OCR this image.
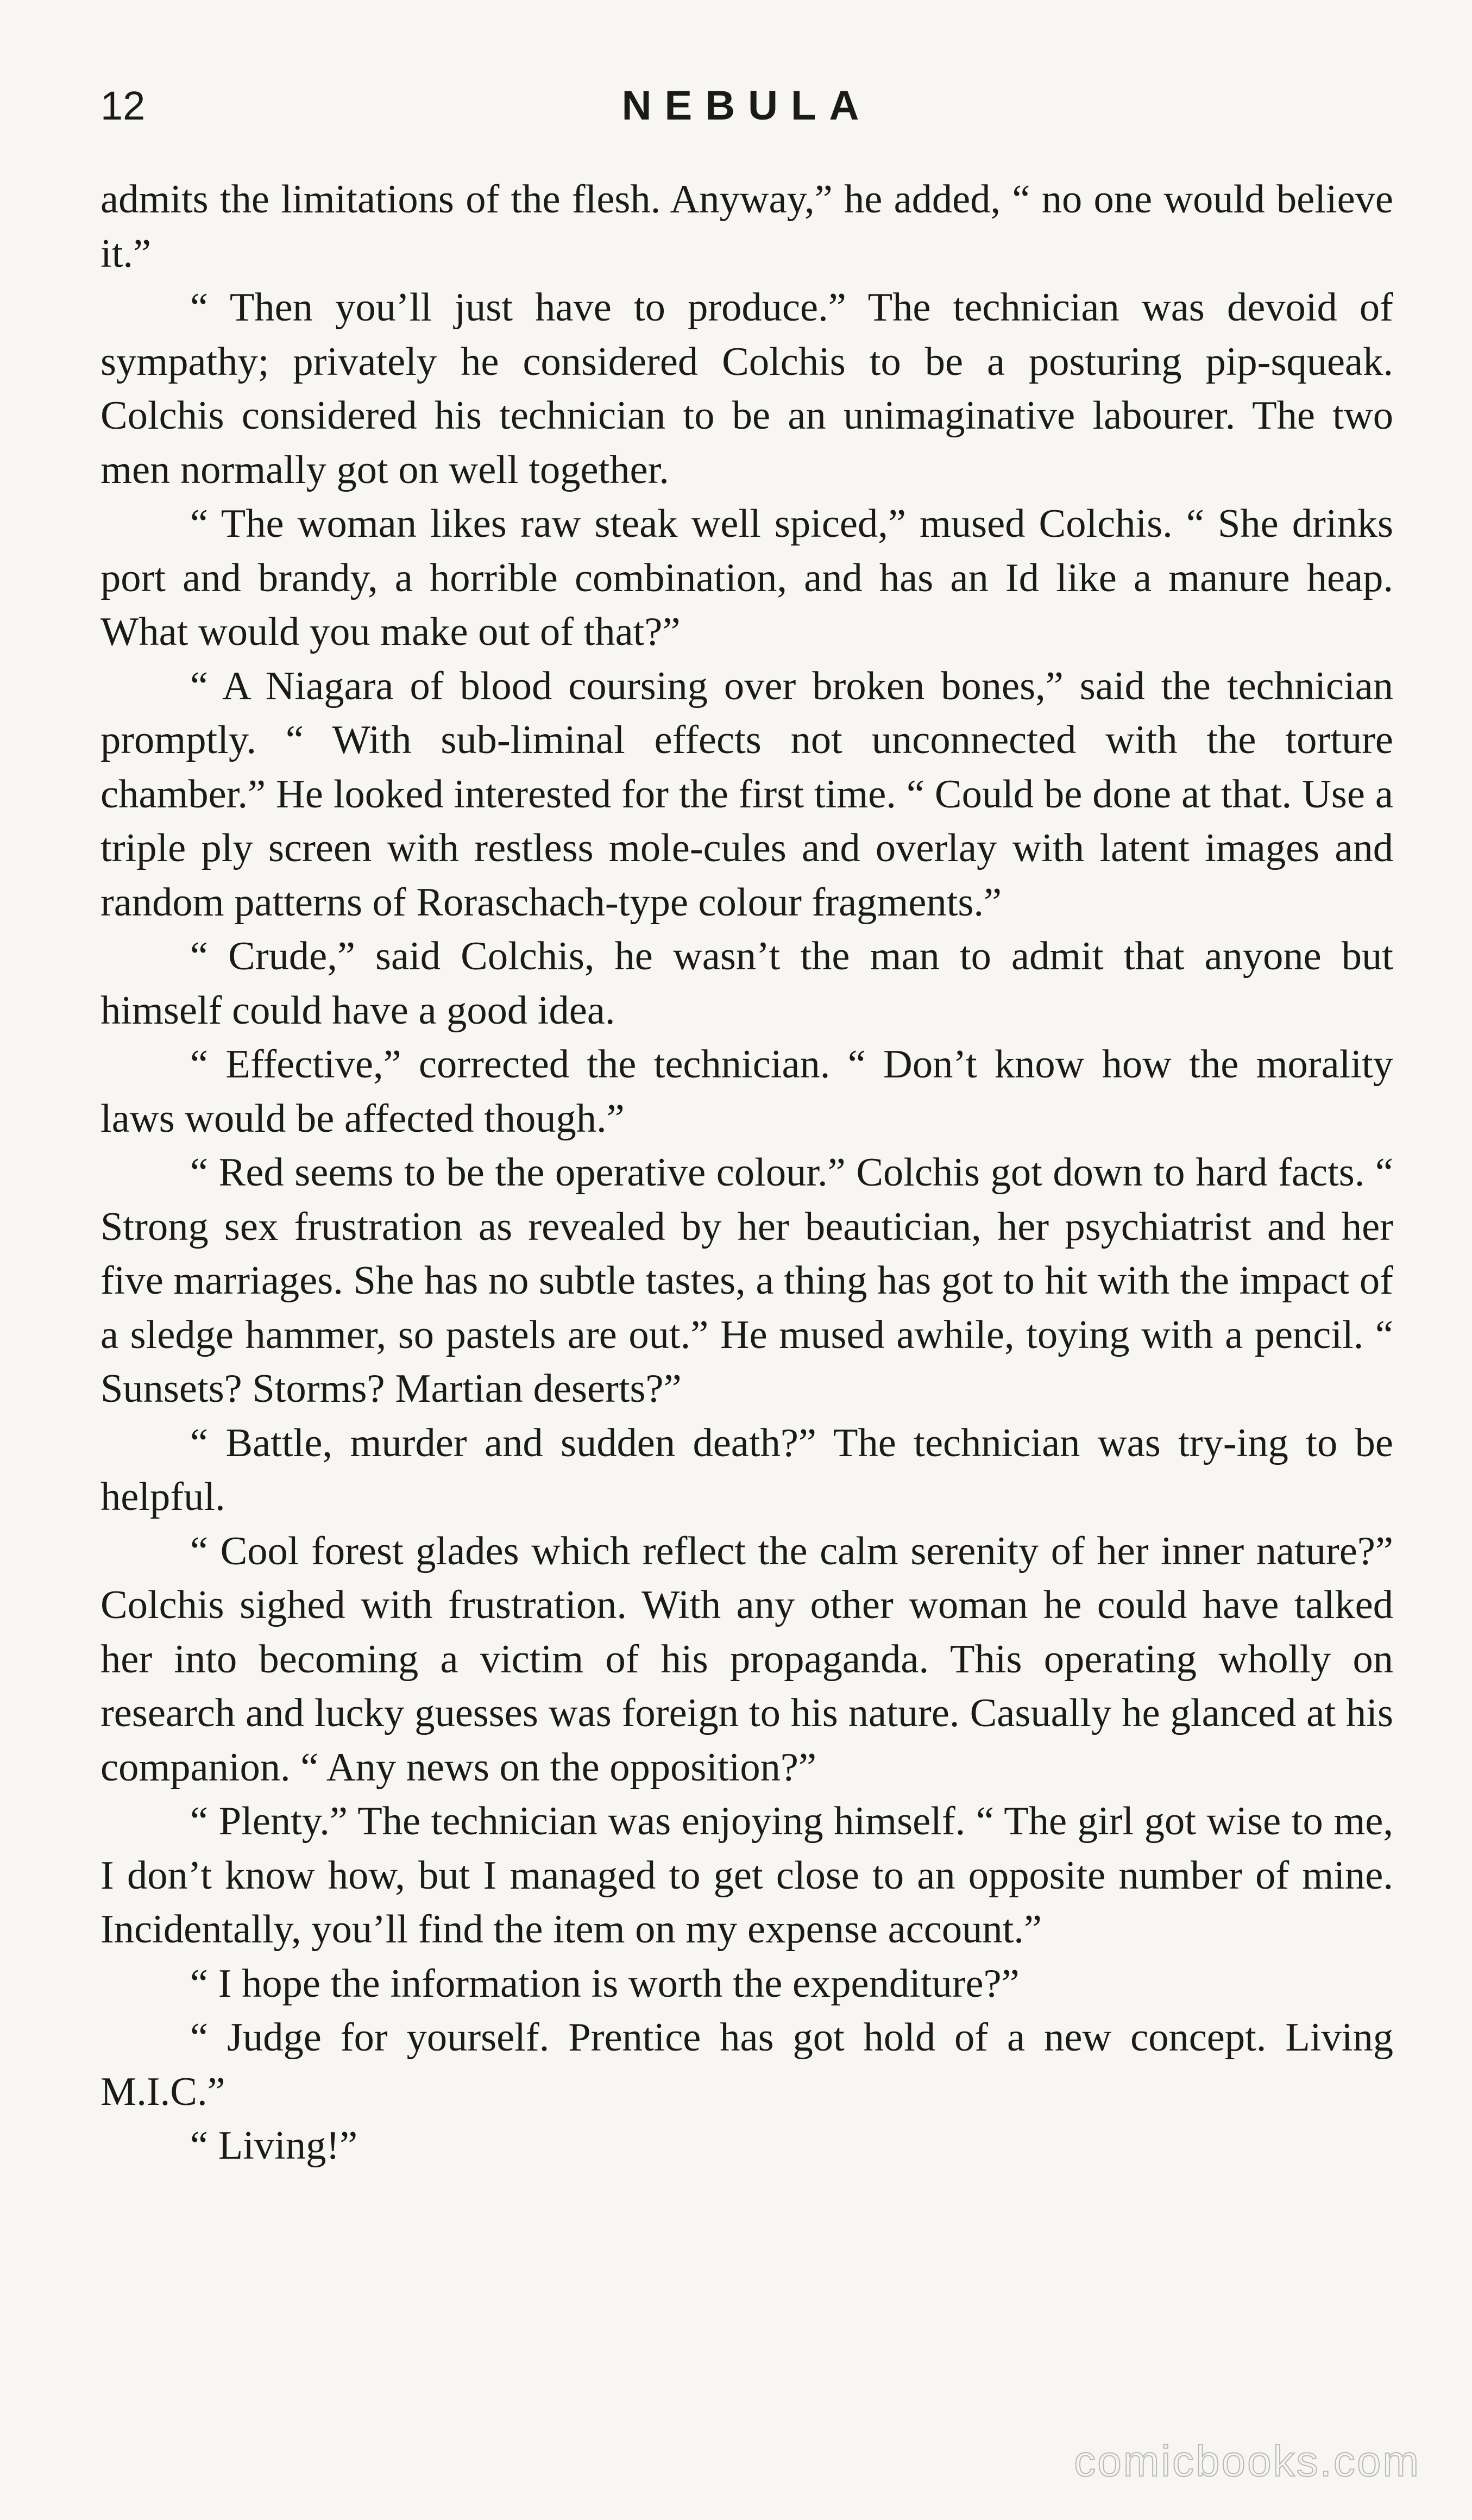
12	NEBULA

admits the limitations of the flesh. Anyway,” he added, “ no one would believe it.”

“ Then you’ll just have to produce.” The technician was devoid of sympathy; privately he considered Colchis to be a posturing pip-squeak. Colchis considered his technician to be an unimaginative labourer. The two men normally got on well together.

“ The woman likes raw steak well spiced,” mused Colchis. “ She drinks port and brandy, a horrible combination, and has an Id like a manure heap. What would you make out of that?”

“ A Niagara of blood coursing over broken bones,” said the technician promptly. “ With sub-liminal effects not unconnected with the torture chamber.” He looked interested for the first time. “ Could be done at that. Use a triple ply screen with restless mole-cules and overlay with latent images and random patterns of Roraschach-type colour fragments.”

“ Crude,” said Colchis, he wasn’t the man to admit that anyone but himself could have a good idea.

“ Effective,” corrected the technician. “ Don’t know how the morality laws would be affected though.”

“ Red seems to be the operative colour.” Colchis got down to hard facts. “ Strong sex frustration as revealed by her beautician, her psychiatrist and her five marriages. She has no subtle tastes, a thing has got to hit with the impact of a sledge hammer, so pastels are out.” He mused awhile, toying with a pencil. “ Sunsets? Storms? Martian deserts?”

“ Battle, murder and sudden death?” The technician was try-ing to be helpful.

“ Cool forest glades which reflect the calm serenity of her inner nature?” Colchis sighed with frustration. With any other woman he could have talked her into becoming a victim of his propaganda. This operating wholly on research and lucky guesses was foreign to his nature. Casually he glanced at his companion. “ Any news on the opposition?”

“ Plenty.” The technician was enjoying himself. “ The girl got wise to me, I don’t know how, but I managed to get close to an opposite number of mine. Incidentally, you’ll find the item on my expense account.”

“ I hope the information is worth the expenditure?”

“ Judge for yourself. Prentice has got hold of a new concept. Living M.I.C.”

“ Living!”

comicbooks.com
